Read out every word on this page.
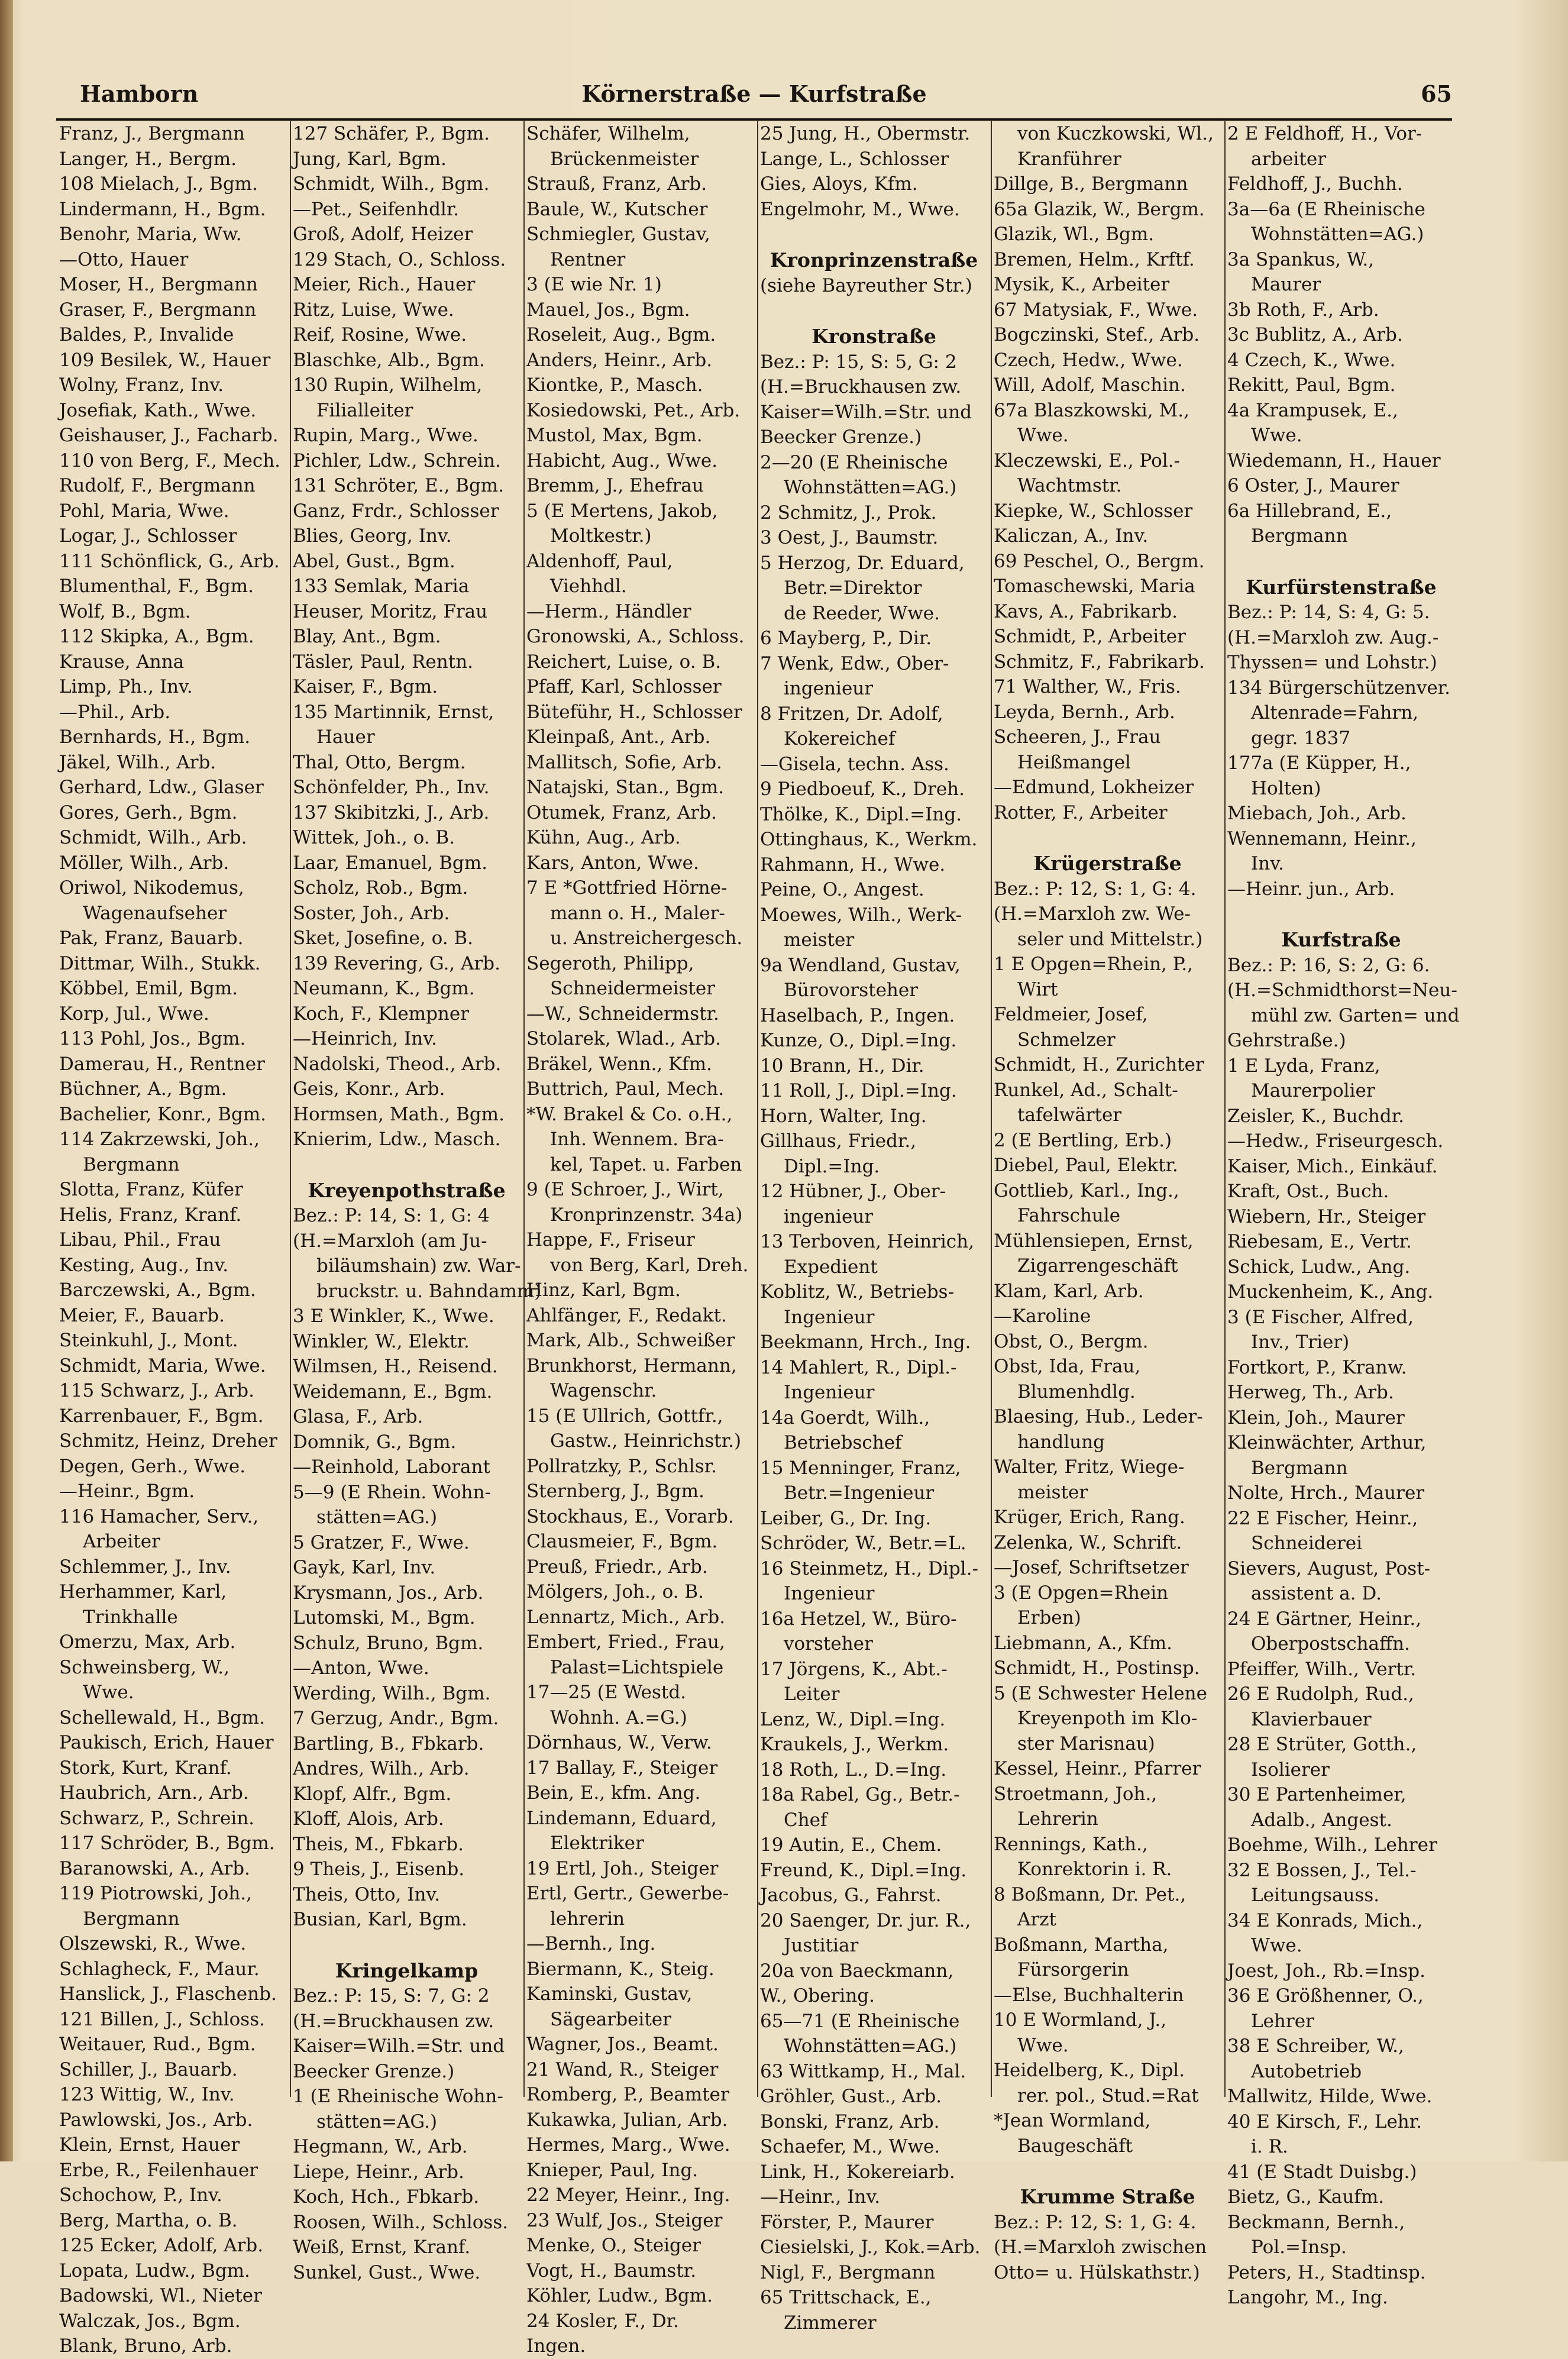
Hamborn	Körnerstraße — Kurfstraße	65
Franz, J., Bergmann
Langer, H., Bergm.
108 Mielach, J., Bgm.
Lindermann, H., Bgm.
Benohr, Maria, Ww.
—Otto, Hauer
Moser, H., Bergmann
Graser, F., Bergmann
Baldes, P., Invalide
109 Besilek, W., Hauer
Wolny, Franz, Inv.
Josefiak, Kath., Wwe.
Geishauser, J., Facharb.
110 von Berg, F., Mech.
Rudolf, F., Bergmann
Pohl, Maria, Wwe.
Logar, J., Schlosser
111 Schönflick, G., Arb.
Blumenthal, F., Bgm.
Wolf, B., Bgm.
112 Skipka, A., Bgm.
Krause, Anna
Limp, Ph., Inv.
—Phil., Arb.
Bernhards, H., Bgm.
Jäkel, Wilh., Arb.
Gerhard, Ldw., Glaser
Gores, Gerh., Bgm.
Schmidt, Wilh., Arb.
Möller, Wilh., Arb.
Oriwol, Nikodemus,
Wagenaufseher
Pak, Franz, Bauarb.
Dittmar, Wilh., Stukk.
Köbbel, Emil, Bgm.
Korp, Jul., Wwe.
113 Pohl, Jos., Bgm.
Damerau, H., Rentner
Büchner, A., Bgm.
Bachelier, Konr., Bgm.
114 Zakrzewski, Joh.,
Bergmann
Slotta, Franz, Küfer
Helis, Franz, Kranf.
Libau, Phil., Frau
Kesting, Aug., Inv.
Barczewski, A., Bgm.
Meier, F., Bauarb.
Steinkuhl, J., Mont.
Schmidt, Maria, Wwe.
115 Schwarz, J., Arb.
Karrenbauer, F., Bgm.
Schmitz, Heinz, Dreher
Degen, Gerh., Wwe.
—Heinr., Bgm.
116 Hamacher, Serv.,
Arbeiter
Schlemmer, J., Inv.
Herhammer, Karl,
Trinkhalle
Omerzu, Max, Arb.
Schweinsberg, W.,
Wwe.
Schellewald, H., Bgm.
Paukisch, Erich, Hauer
Stork, Kurt, Kranf.
Haubrich, Arn., Arb.
Schwarz, P., Schrein.
117 Schröder, B., Bgm.
Baranowski, A., Arb.
119 Piotrowski, Joh.,
Bergmann
Olszewski, R., Wwe.
Schlagheck, F., Maur.
Hanslick, J., Flaschenb.
121 Billen, J., Schloss.
Weitauer, Rud., Bgm.
Schiller, J., Bauarb.
123 Wittig, W., Inv.
Pawlowski, Jos., Arb.
Klein, Ernst, Hauer
Erbe, R., Feilenhauer
Schochow, P., Inv.
Berg, Martha, o. B.
125 Ecker, Adolf, Arb.
Lopata, Ludw., Bgm.
Badowski, Wl., Nieter
Walczak, Jos., Bgm.
Blank, Bruno, Arb.
127 Schäfer, P., Bgm.
Jung, Karl, Bgm.
Schmidt, Wilh., Bgm.
—Pet., Seifenhdlr.
Groß, Adolf, Heizer
129 Stach, O., Schloss.
Meier, Rich., Hauer
Ritz, Luise, Wwe.
Reif, Rosine, Wwe.
Blaschke, Alb., Bgm.
130 Rupin, Wilhelm,
Filialleiter
Rupin, Marg., Wwe.
Pichler, Ldw., Schrein.
131 Schröter, E., Bgm.
Ganz, Frdr., Schlosser
Blies, Georg, Inv.
Abel, Gust., Bgm.
133 Semlak, Maria
Heuser, Moritz, Frau
Blay, Ant., Bgm.
Täsler, Paul, Rentn.
Kaiser, F., Bgm.
135 Martinnik, Ernst,
Hauer
Thal, Otto, Bergm.
Schönfelder, Ph., Inv.
137 Skibitzki, J., Arb.
Wittek, Joh., o. B.
Laar, Emanuel, Bgm.
Scholz, Rob., Bgm.
Soster, Joh., Arb.
Sket, Josefine, o. B.
139 Revering, G., Arb.
Neumann, K., Bgm.
Koch, F., Klempner
—Heinrich, Inv.
Nadolski, Theod., Arb.
Geis, Konr., Arb.
Hormsen, Math., Bgm.
Knierim, Ldw., Masch.
Kreyenpothstraße
Bez.: P: 14, S: 1, G: 4
(H.=Marxloh (am Ju-
biläumshain) zw. War-
bruckstr. u. Bahndamm)
3 E Winkler, K., Wwe.
Winkler, W., Elektr.
Wilmsen, H., Reisend.
Weidemann, E., Bgm.
Glasa, F., Arb.
Domnik, G., Bgm.
—Reinhold, Laborant
5—9 (E Rhein. Wohn-
stätten=AG.)
5 Gratzer, F., Wwe.
Gayk, Karl, Inv.
Krysmann, Jos., Arb.
Lutomski, M., Bgm.
Schulz, Bruno, Bgm.
—Anton, Wwe.
Werding, Wilh., Bgm.
7 Gerzug, Andr., Bgm.
Bartling, B., Fbkarb.
Andres, Wilh., Arb.
Klopf, Alfr., Bgm.
Kloff, Alois, Arb.
Theis, M., Fbkarb.
9 Theis, J., Eisenb.
Theis, Otto, Inv.
Busian, Karl, Bgm.
Kringelkamp
Bez.: P: 15, S: 7, G: 2
(H.=Bruckhausen zw.
Kaiser=Wilh.=Str. und
Beecker Grenze.)
1 (E Rheinische Wohn-
stätten=AG.)
Hegmann, W., Arb.
Liepe, Heinr., Arb.
Koch, Hch., Fbkarb.
Roosen, Wilh., Schloss.
Weiß, Ernst, Kranf.
Sunkel, Gust., Wwe.
Schäfer, Wilhelm,
Brückenmeister
Strauß, Franz, Arb.
Baule, W., Kutscher
Schmiegler, Gustav,
Rentner
3 (E wie Nr. 1)
Mauel, Jos., Bgm.
Roseleit, Aug., Bgm.
Anders, Heinr., Arb.
Kiontke, P., Masch.
Kosiedowski, Pet., Arb.
Mustol, Max, Bgm.
Habicht, Aug., Wwe.
Bremm, J., Ehefrau
5 (E Mertens, Jakob,
Moltkestr.)
Aldenhoff, Paul,
Viehhdl.
—Herm., Händler
Gronowski, A., Schloss.
Reichert, Luise, o. B.
Pfaff, Karl, Schlosser
Büteführ, H., Schlosser
Kleinpaß, Ant., Arb.
Mallitsch, Sofie, Arb.
Natajski, Stan., Bgm.
Otumek, Franz, Arb.
Kühn, Aug., Arb.
Kars, Anton, Wwe.
7 E *Gottfried Hörne-
mann o. H., Maler-
u. Anstreichergesch.
Segeroth, Philipp,
Schneidermeister
—W., Schneidermstr.
Stolarek, Wlad., Arb.
Bräkel, Wenn., Kfm.
Buttrich, Paul, Mech.
*W. Brakel & Co. o.H.,
Inh. Wennem. Bra-
kel, Tapet. u. Farben
9 (E Schroer, J., Wirt,
Kronprinzenstr. 34a)
Happe, F., Friseur
von Berg, Karl, Dreh.
Hinz, Karl, Bgm.
Ahlfänger, F., Redakt.
Mark, Alb., Schweißer
Brunkhorst, Hermann,
Wagenschr.
15 (E Ullrich, Gottfr.,
Gastw., Heinrichstr.)
Pollratzky, P., Schlsr.
Sternberg, J., Bgm.
Stockhaus, E., Vorarb.
Clausmeier, F., Bgm.
Preuß, Friedr., Arb.
Mölgers, Joh., o. B.
Lennartz, Mich., Arb.
Embert, Fried., Frau,
Palast=Lichtspiele
17—25 (E Westd.
Wohnh. A.=G.)
Dörnhaus, W., Verw.
17 Ballay, F., Steiger
Bein, E., kfm. Ang.
Lindemann, Eduard,
Elektriker
19 Ertl, Joh., Steiger
Ertl, Gertr., Gewerbe-
lehrerin
—Bernh., Ing.
Biermann, K., Steig.
Kaminski, Gustav,
Sägearbeiter
Wagner, Jos., Beamt.
21 Wand, R., Steiger
Romberg, P., Beamter
Kukawka, Julian, Arb.
Hermes, Marg., Wwe.
Knieper, Paul, Ing.
22 Meyer, Heinr., Ing.
23 Wulf, Jos., Steiger
Menke, O., Steiger
Vogt, H., Baumstr.
Köhler, Ludw., Bgm.
24 Kosler, F., Dr.
Ingen.
25 Jung, H., Obermstr.
Lange, L., Schlosser
Gies, Aloys, Kfm.
Engelmohr, M., Wwe.
Kronprinzenstraße
(siehe Bayreuther Str.)
Kronstraße
Bez.: P: 15, S: 5, G: 2
(H.=Bruckhausen zw.
Kaiser=Wilh.=Str. und
Beecker Grenze.)
2—20 (E Rheinische
Wohnstätten=AG.)
2 Schmitz, J., Prok.
3 Oest, J., Baumstr.
5 Herzog, Dr. Eduard,
Betr.=Direktor
de Reeder, Wwe.
6 Mayberg, P., Dir.
7 Wenk, Edw., Ober-
ingenieur
8 Fritzen, Dr. Adolf,
Kokereichef
—Gisela, techn. Ass.
9 Piedboeuf, K., Dreh.
Thölke, K., Dipl.=Ing.
Ottinghaus, K., Werkm.
Rahmann, H., Wwe.
Peine, O., Angest.
Moewes, Wilh., Werk-
meister
9a Wendland, Gustav,
Bürovorsteher
Haselbach, P., Ingen.
Kunze, O., Dipl.=Ing.
10 Brann, H., Dir.
11 Roll, J., Dipl.=Ing.
Horn, Walter, Ing.
Gillhaus, Friedr.,
Dipl.=Ing.
12 Hübner, J., Ober-
ingenieur
13 Terboven, Heinrich,
Expedient
Koblitz, W., Betriebs-
Ingenieur
Beekmann, Hrch., Ing.
14 Mahlert, R., Dipl.-
Ingenieur
14a Goerdt, Wilh.,
Betriebschef
15 Menninger, Franz,
Betr.=Ingenieur
Leiber, G., Dr. Ing.
Schröder, W., Betr.=L.
16 Steinmetz, H., Dipl.-
Ingenieur
16a Hetzel, W., Büro-
vorsteher
17 Jörgens, K., Abt.-
Leiter
Lenz, W., Dipl.=Ing.
Kraukels, J., Werkm.
18 Roth, L., D.=Ing.
18a Rabel, Gg., Betr.-
Chef
19 Autin, E., Chem.
Freund, K., Dipl.=Ing.
Jacobus, G., Fahrst.
20 Saenger, Dr. jur. R.,
Justitiar
20a von Baeckmann,
W., Obering.
65—71 (E Rheinische
Wohnstätten=AG.)
63 Wittkamp, H., Mal.
Gröhler, Gust., Arb.
Bonski, Franz, Arb.
Schaefer, M., Wwe.
Link, H., Kokereiarb.
—Heinr., Inv.
Förster, P., Maurer
Ciesielski, J., Kok.=Arb.
Nigl, F., Bergmann
65 Trittschack, E.,
Zimmerer
von Kuczkowski, Wl.,
Kranführer
Dillge, B., Bergmann
65a Glazik, W., Bergm.
Glazik, Wl., Bgm.
Bremen, Helm., Krftf.
Mysik, K., Arbeiter
67 Matysiak, F., Wwe.
Bogczinski, Stef., Arb.
Czech, Hedw., Wwe.
Will, Adolf, Maschin.
67a Blaszkowski, M.,
Wwe.
Kleczewski, E., Pol.-
Wachtmstr.
Kiepke, W., Schlosser
Kaliczan, A., Inv.
69 Peschel, O., Bergm.
Tomaschewski, Maria
Kavs, A., Fabrikarb.
Schmidt, P., Arbeiter
Schmitz, F., Fabrikarb.
71 Walther, W., Fris.
Leyda, Bernh., Arb.
Scheeren, J., Frau
Heißmangel
—Edmund, Lokheizer
Rotter, F., Arbeiter
Krügerstraße
Bez.: P: 12, S: 1, G: 4.
(H.=Marxloh zw. We-
seler und Mittelstr.)
1 E Opgen=Rhein, P.,
Wirt
Feldmeier, Josef,
Schmelzer
Schmidt, H., Zurichter
Runkel, Ad., Schalt-
tafelwärter
2 (E Bertling, Erb.)
Diebel, Paul, Elektr.
Gottlieb, Karl., Ing.,
Fahrschule
Mühlensiepen, Ernst,
Zigarrengeschäft
Klam, Karl, Arb.
—Karoline
Obst, O., Bergm.
Obst, Ida, Frau,
Blumenhdlg.
Blaesing, Hub., Leder-
handlung
Walter, Fritz, Wiege-
meister
Krüger, Erich, Rang.
Zelenka, W., Schrift.
—Josef, Schriftsetzer
3 (E Opgen=Rhein
Erben)
Liebmann, A., Kfm.
Schmidt, H., Postinsp.
5 (E Schwester Helene
Kreyenpoth im Klo-
ster Marisnau)
Kessel, Heinr., Pfarrer
Stroetmann, Joh.,
Lehrerin
Rennings, Kath.,
Konrektorin i. R.
8 Boßmann, Dr. Pet.,
Arzt
Boßmann, Martha,
Fürsorgerin
—Else, Buchhalterin
10 E Wormland, J.,
Wwe.
Heidelberg, K., Dipl.
rer. pol., Stud.=Rat
*Jean Wormland,
Baugeschäft
Krumme Straße
Bez.: P: 12, S: 1, G: 4.
(H.=Marxloh zwischen
Otto= u. Hülskathstr.)
2 E Feldhoff, H., Vor-
arbeiter
Feldhoff, J., Buchh.
3a—6a (E Rheinische
Wohnstätten=AG.)
3a Spankus, W.,
Maurer
3b Roth, F., Arb.
3c Bublitz, A., Arb.
4 Czech, K., Wwe.
Rekitt, Paul, Bgm.
4a Krampusek, E.,
Wwe.
Wiedemann, H., Hauer
6 Oster, J., Maurer
6a Hillebrand, E.,
Bergmann
Kurfürstenstraße
Bez.: P: 14, S: 4, G: 5.
(H.=Marxloh zw. Aug.-
Thyssen= und Lohstr.)
134 Bürgerschützenver.
Altenrade=Fahrn,
gegr. 1837
177a (E Küpper, H.,
Holten)
Miebach, Joh., Arb.
Wennemann, Heinr.,
Inv.
—Heinr. jun., Arb.
Kurfstraße
Bez.: P: 16, S: 2, G: 6.
(H.=Schmidthorst=Neu-
mühl zw. Garten= und
Gehrstraße.)
1 E Lyda, Franz,
Maurerpolier
Zeisler, K., Buchdr.
—Hedw., Friseurgesch.
Kaiser, Mich., Einkäuf.
Kraft, Ost., Buch.
Wiebern, Hr., Steiger
Riebesam, E., Vertr.
Schick, Ludw., Ang.
Muckenheim, K., Ang.
3 (E Fischer, Alfred,
Inv., Trier)
Fortkort, P., Kranw.
Herweg, Th., Arb.
Klein, Joh., Maurer
Kleinwächter, Arthur,
Bergmann
Nolte, Hrch., Maurer
22 E Fischer, Heinr.,
Schneiderei
Sievers, August, Post-
assistent a. D.
24 E Gärtner, Heinr.,
Oberpostschaffn.
Pfeiffer, Wilh., Vertr.
26 E Rudolph, Rud.,
Klavierbauer
28 E Strüter, Gotth.,
Isolierer
30 E Partenheimer,
Adalb., Angest.
Boehme, Wilh., Lehrer
32 E Bossen, J., Tel.-
Leitungsauss.
34 E Konrads, Mich.,
Wwe.
Joest, Joh., Rb.=Insp.
36 E Größhenner, O.,
Lehrer
38 E Schreiber, W.,
Autobetrieb
Mallwitz, Hilde, Wwe.
40 E Kirsch, F., Lehr.
i. R.
41 (E Stadt Duisbg.)
Bietz, G., Kaufm.
Beckmann, Bernh.,
Pol.=Insp.
Peters, H., Stadtinsp.
Langohr, M., Ing.
